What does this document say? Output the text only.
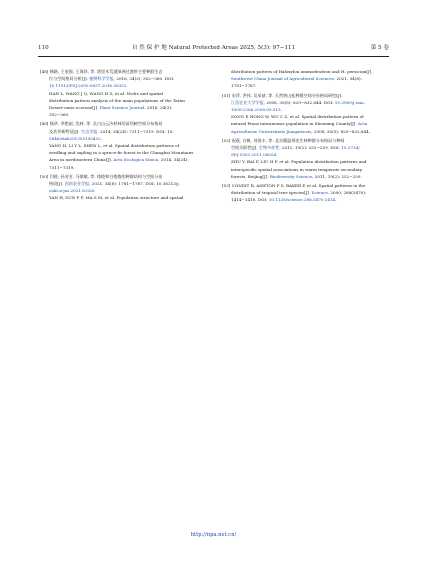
110	自 然 保 护 地 Natural Protected Areas 2025, 5(3): 97−111	第 5 卷
[48] 韩路, 王家强, 王海珍, 等. 塔里木荒漠绿洲过渡带主要种群生态
位与空间格局分析[J]. 植物科学学报, 2016, 34(3): 352−360. DOI:
10.11913/PSJ.2095-0837.2016.30352.
HAN L, WANG J Q, WANG H Z, et al. Niche and spatial
distribution pattern analysis of the main populations of the Tarim
Desert-oasis ecotone[J]. Plant Science Journal, 2016, 34(3):
352−360.
[49] 杨华, 李艳丽, 沈林, 等. 长白山云冷杉林幼苗幼树空间分布格局
及其更新特征[J]. 生态学报, 2014, 34(24): 7311−7319. DOI: 10.
5846/stxb201305150432.
YANG H, LI Y L, SHEN L, et al. Spatial distribution patterns of
seedling and sapling in a spruce-fir forest in the Changbai Mountains
Area in northeastern China[J]. Acta Ecologica Sinica, 2014, 34(24):
7311−7319.
[50] 闫媛, 孙芳芳, 马焕敏, 等. 梭梭和白梭梭的种群结构与空间分布
格局[J]. 西南农业学报, 2021, 34(8): 1781−1787. DOI: 10.16213/j.
cnki.scjas.2021.8.028.
YAN H, SUN F F, MA S M, et al. Population structure and spatial
distribution pattern of Haloxylon ammodendron and H. persicum[J].
Southwest China Journal of Agricultural Sciences, 2021, 34(8):
1781−1787.
[51] 宋萍, 洪伟, 吴承祯, 等. 天然黄山松种群空间分布格局研究[J].
江西农业大学学报, 2008, 30(5): 829−832,844. DOI: 10.3969/j.issn.
1000-2286.2008.05.015.
SONG P, HONG W, WU C Z, et al. Spatial distribution pattern of
natural Pinus taiwanensis population in Shouning County[J]. Acta
Agriculturae Universitatis Jiangxiensis, 2008, 30(5): 829−832,844.
[52] 祝燕, 白帆, 刘海丰, 等. 北京暖温带次生林种群分布格局与种间
空间关联性[J]. 生物多样性, 2011, 19(2): 252−259. DOI: 10.3724/
SP.J.1003.2011.08024.
ZHU Y, BAI F, LIU H F, et al. Population distribution patterns and
interspecific spatial associations in warm temperate secondary
forests, Beijing[J]. Biodiversity Science, 2011, 19(2): 252−259.
[53] CONDIT R, ASHTON P S, BAKER P, et al. Spatial patterns in the
distribution of tropical tree species[J]. Science, 2000, 288(5470):
1414−1418. DOI: 10.1126/science.288.5470.1414.
http://npa.net.cn/
